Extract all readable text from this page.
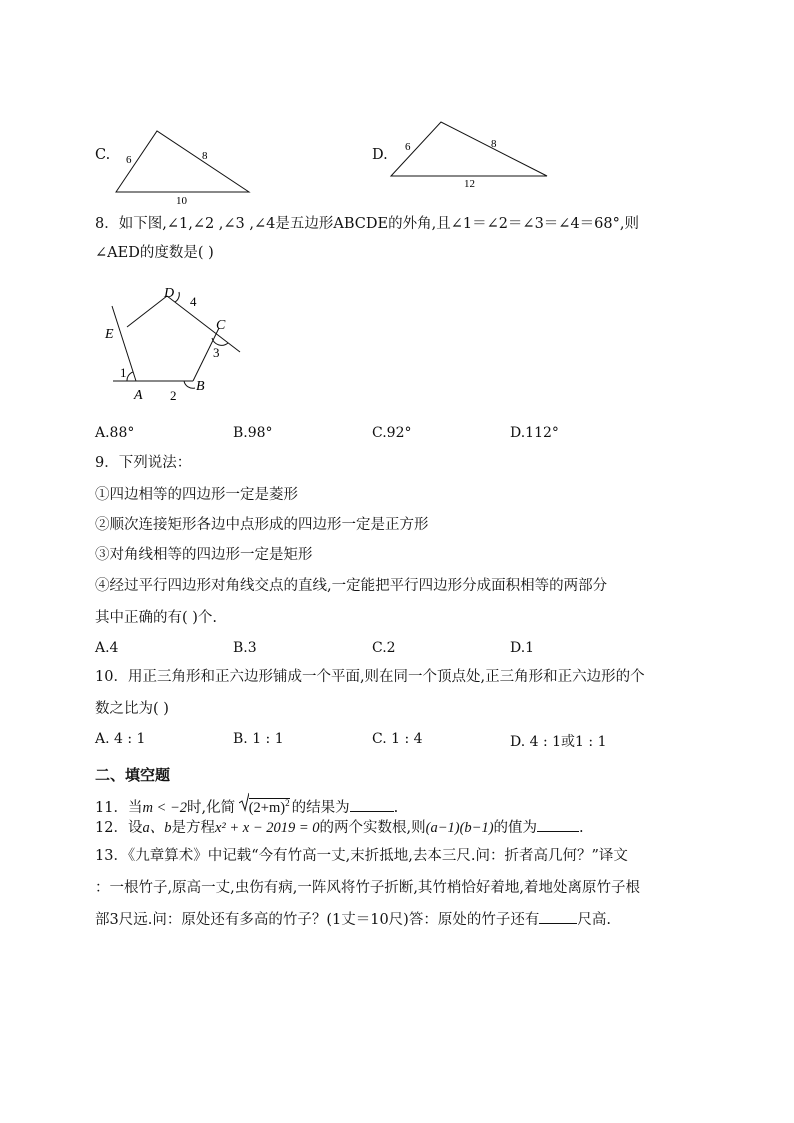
C. 6	8
10
D. 6	8
12
8．如下图,∠1,∠2 ,∠3 ,∠4是五边形ABCDE的外角,且∠1＝∠2＝∠3＝∠4＝68°,则
∠AED的度数是( )
D
4
E
C
3
1
A 2
B
A.88°	B.98°	C.92°	D.112°
9．下列说法：
①四边相等的四边形一定是菱形
②顺次连接矩形各边中点形成的四边形一定是正方形
③对角线相等的四边形一定是矩形
④经过平行四边形对角线交点的直线,一定能把平行四边形分成面积相等的两部分
其中正确的有( )个.
A.4	B.3	C.2	D.1
10．用正三角形和正六边形铺成一个平面,则在同一个顶点处,正三角形和正六边形的个
数之比为( )
A. 4 : 1	B. 1 : 1	C. 1 : 4	D. 4 : 1或1 : 1
二、填空题
11．当m < −2时,化简 $(2+m)^2$ 的结果为	.
12．设a、b是方程x² + x − 2019 = 0的两个实数根,则(a−1)(b−1)的值为	.
13．《九章算术》中记载“今有竹高一丈,末折抵地,去本三尺.问：折者高几何？”译文
：一根竹子,原高一丈,虫伤有病,一阵风将竹子折断,其竹梢恰好着地,着地处离原竹子根
部3尺远.问：原处还有多高的竹子？(1丈＝10尺)答：原处的竹子还有	尺高.
